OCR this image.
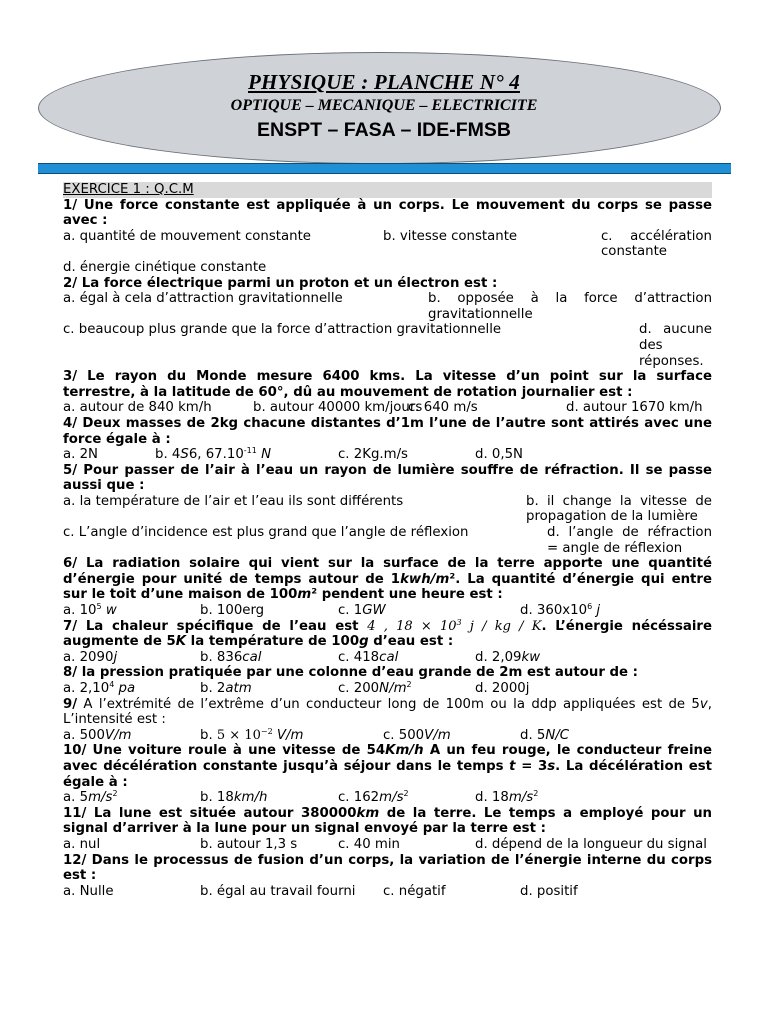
PHYSIQUE : PLANCHE N° 4
OPTIQUE – MECANIQUE – ELECTRICITE
ENSPT – FASA – IDE-FMSB
EXERCICE 1 : Q.C.M
1/ Une force constante est appliquée à un corps. Le mouvement du corps se passe avec :
a. quantité de mouvement constante	b. vitesse constante	c. accélération constante
d. énergie cinétique constante
2/ La force électrique parmi un proton et un électron est :
a. égal à cela d’attraction gravitationnelle	b. opposée à la force d’attraction gravitationnelle
c. beaucoup plus grande que la force d’attraction gravitationnelle	d. aucune des réponses.
3/ Le rayon du Monde mesure 6400 kms. La vitesse d’un point sur la surface terrestre, à la latitude de 60°, dû au mouvement de rotation journalier est :
a. autour de 840 km/h	b. autour 40000 km/jours
c. 640 m/s	d. autour 1670 km/h
4/ Deux masses de 2kg chacune distantes d’1m l’une de l’autre sont attirés avec une force égale à :
a. 2N	b. 4S6, $67.10^{-11}$ N	c. 2Kg.m/s	d. 0,5N
5/ Pour passer de l’air à l’eau un rayon de lumière souffre de réfraction. Il se passe aussi que :
a. la température de l’air et l’eau ils sont différents	b. il change la vitesse de propagation de la lumière
c. L’angle d’incidence est plus grand que l’angle de réflexion	d. l’angle de réfraction = angle de réflexion
6/ La radiation solaire qui vient sur la surface de la terre apporte une quantité d’énergie pour unité de temps autour de 1kwh/m². La quantité d’énergie qui entre sur le toit d’une maison de 100m² pendent une heure est :
a. $10^5$ w	b. 100erg	c. 1GW	d. $360x10^6$ j
7/ La chaleur spécifique de l’eau est 4 , $18 \times 10^3$ j / kg / K. L’énergie nécéssaire augmente de 5K la température de 100g d’eau est :
a. 2090j	b. 836cal	c. 418cal	d. 2,09kw
8/ la pression pratiquée par une colonne d’eau grande de 2m est autour de :
a. 2,10$^4$ pa	b. 2atm	c. $200N/m^2$	d. 2000j
9/ A l’extrémité de l’extrême d’un conducteur long de 100m ou la ddp appliquées est de 5v, L’intensité est :
a. 500V/m	b. $5 \times 10^{-2}$ V/m	c. 500V/m	d. 5N/C
10/ Une voiture roule à une vitesse de 54Km/h A un feu rouge, le conducteur freine avec décélération constante jusqu’à séjour dans le temps t = 3s. La décélération est égale à :
a. $5m/s^2$	b. 18km/h	c. $162m/s^2$	d. $18m/s^2$
11/ La lune est située autour 380000km de la terre. Le temps a employé pour un signal d’arriver à la lune pour un signal envoyé par la terre est :
a. nul	b. autour 1,3 s	c. 40 min	d. dépend de la longueur du signal
12/ Dans le processus de fusion d’un corps, la variation de l’énergie interne du corps est :
a. Nulle	b. égal au travail fourni c. négatif	d. positif
